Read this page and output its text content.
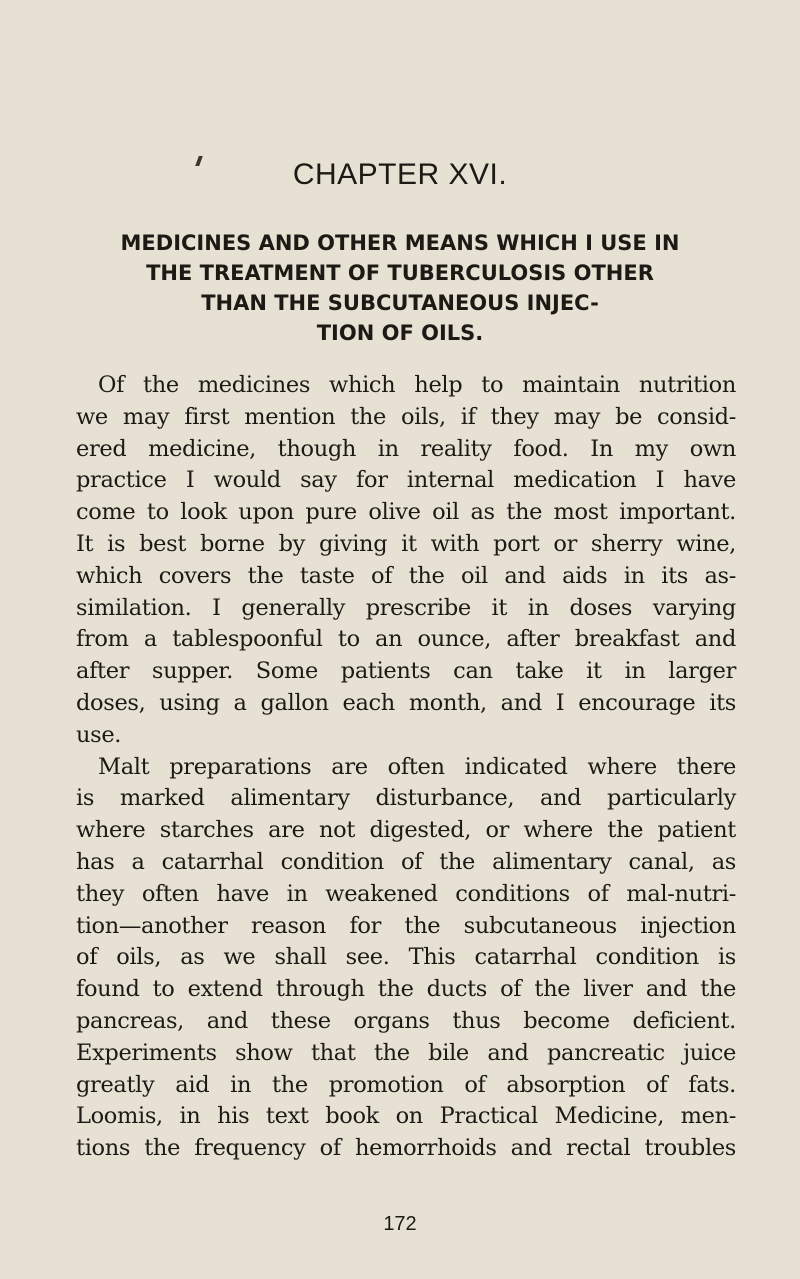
CHAPTER XVI.
MEDICINES AND OTHER MEANS WHICH I USE IN
THE TREATMENT OF TUBERCULOSIS OTHER
THAN THE SUBCUTANEOUS INJEC-
TION OF OILS.
Of the medicines which help to maintain nutrition
we may first mention the oils, if they may be consid-
ered medicine, though in reality food. In my own
practice I would say for internal medication I have
come to look upon pure olive oil as the most important.
It is best borne by giving it with port or sherry wine,
which covers the taste of the oil and aids in its as-
similation. I generally prescribe it in doses varying
from a tablespoonful to an ounce, after breakfast and
after supper. Some patients can take it in larger
doses, using a gallon each month, and I encourage its
use.
Malt preparations are often indicated where there
is marked alimentary disturbance, and particularly
where starches are not digested, or where the patient
has a catarrhal condition of the alimentary canal, as
they often have in weakened conditions of mal-nutri-
tion—another reason for the subcutaneous injection
of oils, as we shall see. This catarrhal condition is
found to extend through the ducts of the liver and the
pancreas, and these organs thus become deficient.
Experiments show that the bile and pancreatic juice
greatly aid in the promotion of absorption of fats.
Loomis, in his text book on Practical Medicine, men-
tions the frequency of hemorrhoids and rectal troubles
172
